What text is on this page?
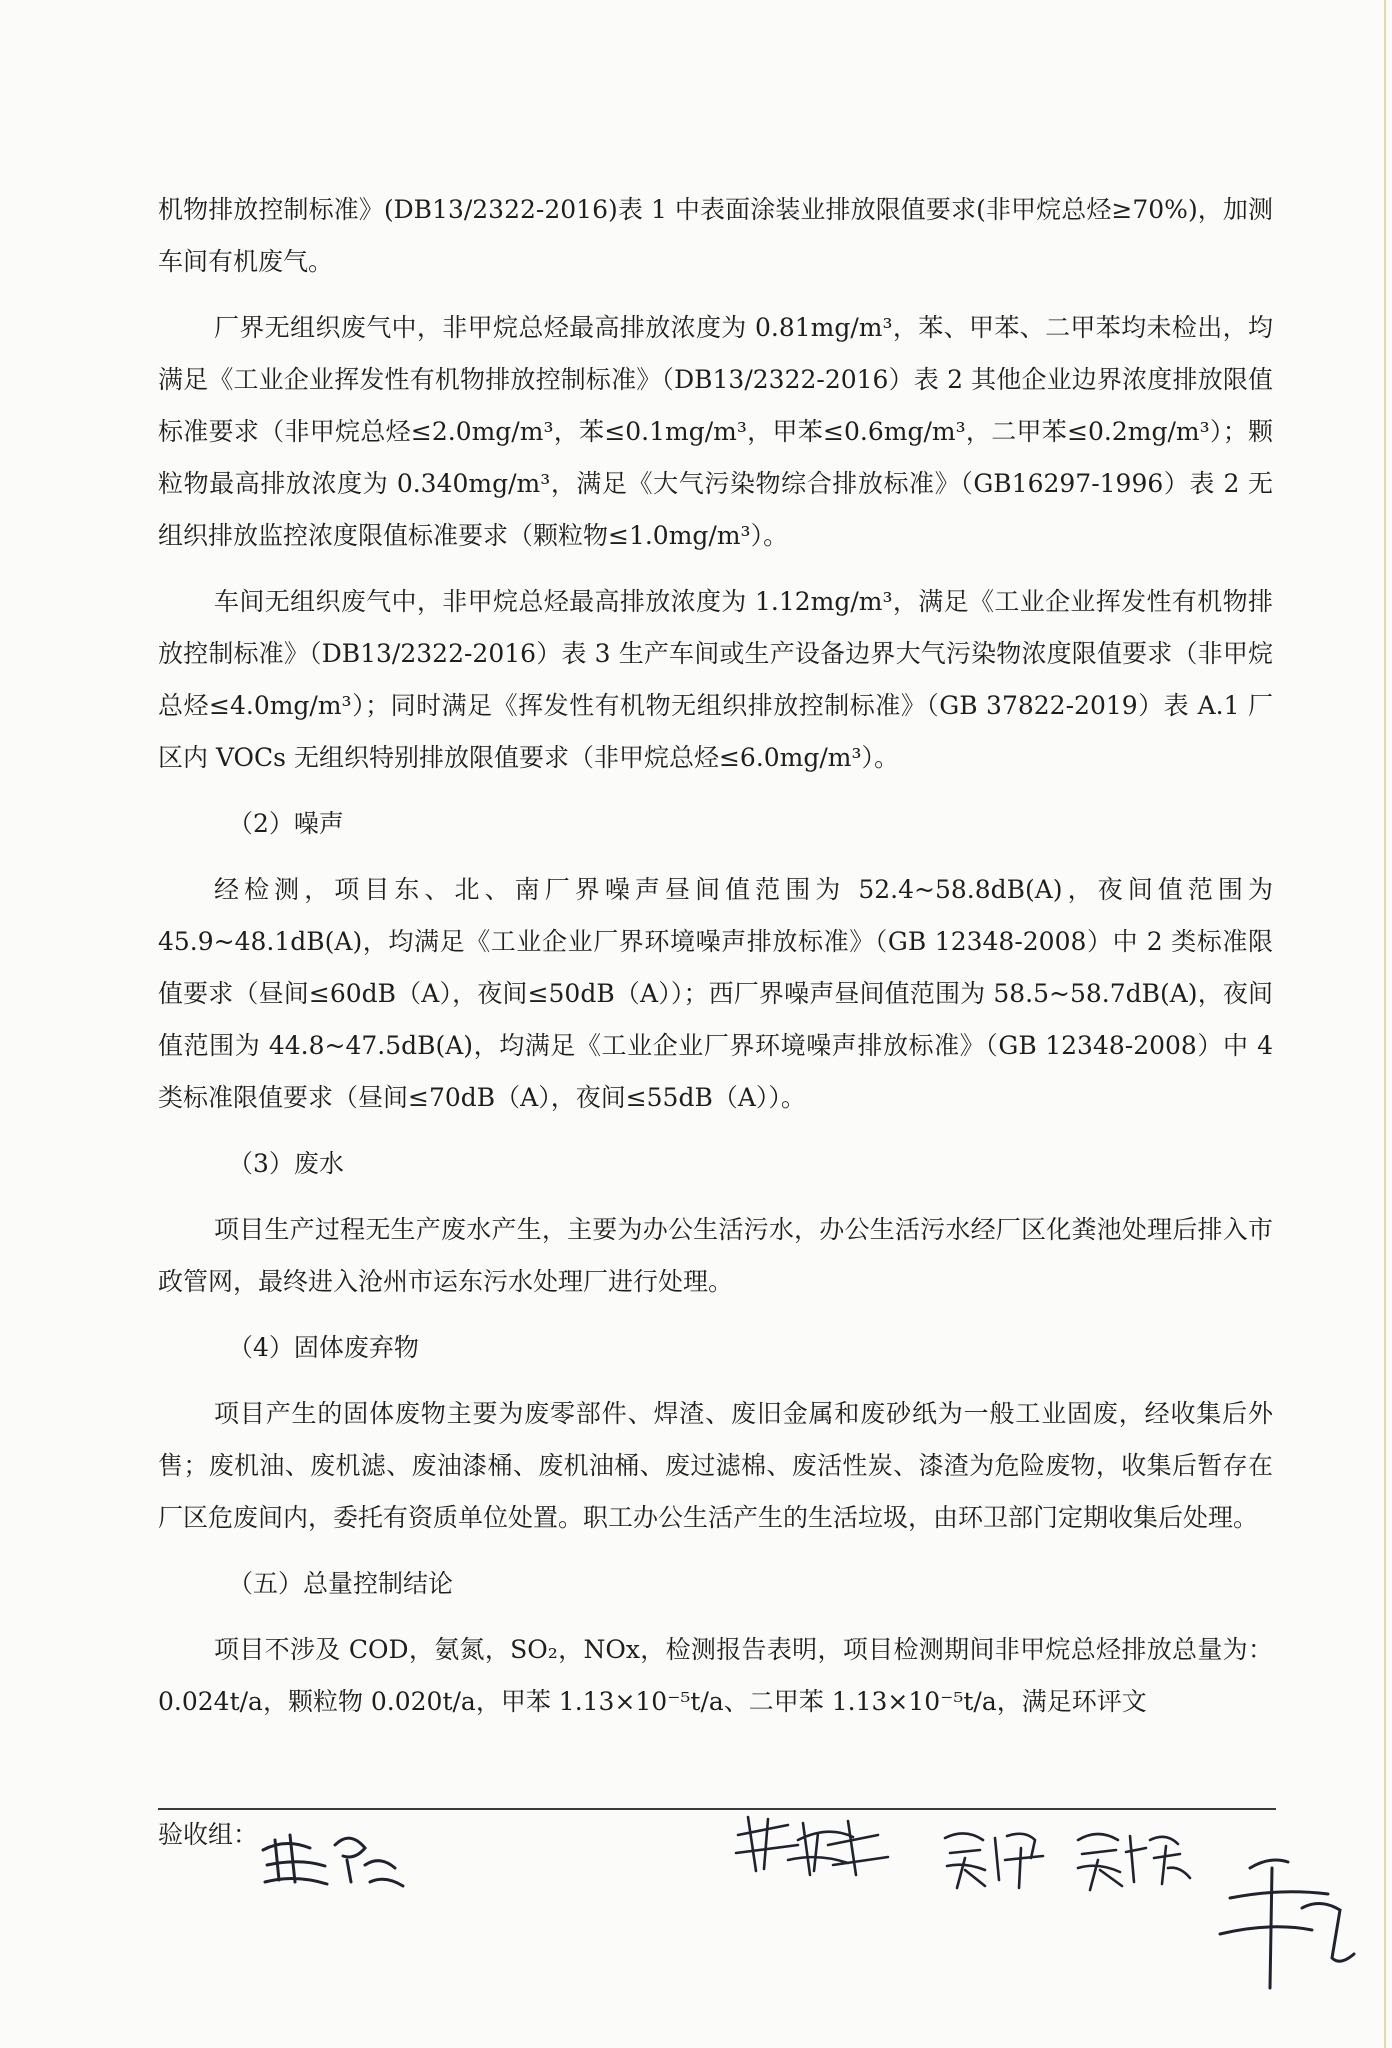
机物排放控制标准》(DB13/2322-2016)表 1 中表面涂装业排放限值要求(非甲烷总烃≥70%)，加测车间有机废气。

厂界无组织废气中，非甲烷总烃最高排放浓度为 0.81mg/m³，苯、甲苯、二甲苯均未检出，均满足《工业企业挥发性有机物排放控制标准》（DB13/2322-2016）表 2 其他企业边界浓度排放限值标准要求（非甲烷总烃≤2.0mg/m³，苯≤0.1mg/m³，甲苯≤0.6mg/m³，二甲苯≤0.2mg/m³）；颗粒物最高排放浓度为 0.340mg/m³，满足《大气污染物综合排放标准》（GB16297-1996）表 2 无组织排放监控浓度限值标准要求（颗粒物≤1.0mg/m³）。

车间无组织废气中，非甲烷总烃最高排放浓度为 1.12mg/m³，满足《工业企业挥发性有机物排放控制标准》（DB13/2322-2016）表 3 生产车间或生产设备边界大气污染物浓度限值要求（非甲烷总烃≤4.0mg/m³）；同时满足《挥发性有机物无组织排放控制标准》（GB 37822-2019）表 A.1 厂区内 VOCs 无组织特别排放限值要求（非甲烷总烃≤6.0mg/m³）。

（2）噪声

经检测，项目东、北、南厂界噪声昼间值范围为 52.4~58.8dB(A)，夜间值范围为 45.9~48.1dB(A)，均满足《工业企业厂界环境噪声排放标准》（GB 12348-2008）中 2 类标准限值要求（昼间≤60dB（A），夜间≤50dB（A））；西厂界噪声昼间值范围为 58.5~58.7dB(A)，夜间值范围为 44.8~47.5dB(A)，均满足《工业企业厂界环境噪声排放标准》（GB 12348-2008）中 4 类标准限值要求（昼间≤70dB（A），夜间≤55dB（A））。

（3）废水

项目生产过程无生产废水产生，主要为办公生活污水，办公生活污水经厂区化粪池处理后排入市政管网，最终进入沧州市运东污水处理厂进行处理。

（4）固体废弃物

项目产生的固体废物主要为废零部件、焊渣、废旧金属和废砂纸为一般工业固废，经收集后外售；废机油、废机滤、废油漆桶、废机油桶、废过滤棉、废活性炭、漆渣为危险废物，收集后暂存在厂区危废间内，委托有资质单位处置。职工办公生活产生的生活垃圾，由环卫部门定期收集后处理。

（五）总量控制结论

项目不涉及 COD，氨氮，SO₂，NOx，检测报告表明，项目检测期间非甲烷总烃排放总量为：0.024t/a，颗粒物 0.020t/a，甲苯 1.13×10⁻⁵t/a、二甲苯 1.13×10⁻⁵t/a，满足环评文

验收组：
